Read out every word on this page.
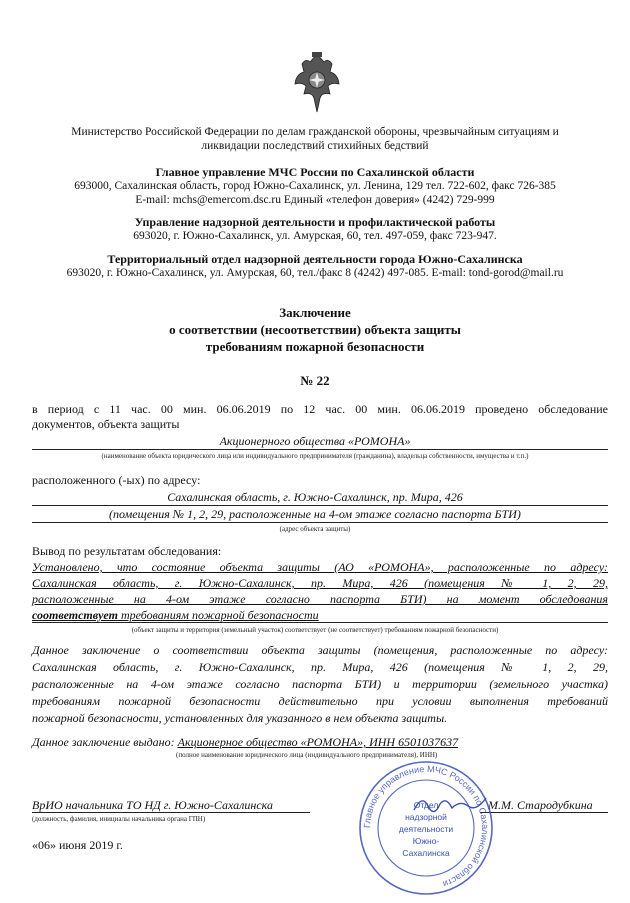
Министерство Российской Федерации по делам гражданской обороны, чрезвычайным ситуациям и
ликвидации последствий стихийных бедствий
Главное управление МЧС России по Сахалинской области
693000, Сахалинская область, город Южно-Сахалинск, ул. Ленина, 129 тел. 722-602, факс 726-385
E-mail: mchs@emercom.dsc.ru Единый «телефон доверия» (4242) 729-999
Управление надзорной деятельности и профилактической работы
693020, г. Южно-Сахалинск, ул. Амурская, 60, тел. 497-059, факс 723-947.
Территориальный отдел надзорной деятельности города Южно-Сахалинска
693020, г. Южно-Сахалинск, ул. Амурская, 60, тел./факс 8 (4242) 497-085. E-mail: tond-gorod@mail.ru
Заключение
о соответствии (несоответствии) объекта защиты
требованиям пожарной безопасности
№ 22
в период с 11 час. 00 мин. 06.06.2019 по 12 час. 00 мин. 06.06.2019 проведено обследование
документов, объекта защиты
Акционерного общества «РОМОНА»
(наименование объекта юридического лица или индивидуального предпринимателя (гражданина), владельца собственности, имущества и т.п.)
расположенного (-ых) по адресу:
Сахалинская область, г. Южно-Сахалинск, пр. Мира, 426
(помещения № 1, 2, 29, расположенные на 4-ом этаже согласно паспорта БТИ)
(адрес объекта защиты)
Вывод по результатам обследования:
Установлено, что состояние объекта защиты (АО «РОМОНА», расположенные по адресу:
Сахалинская область, г. Южно-Сахалинск, пр. Мира, 426 (помещения № 1, 2, 29,
расположенные на 4-ом этаже согласно паспорта БТИ) на момент обследования
соответствует требованиям пожарной безопасности
(объект защиты и территория (земельный участок) соответствует (не соответствует) требованиям пожарной безопасности)
Данное заключение о соответствии объекта защиты (помещения, расположенные по адресу:
Сахалинская область, г. Южно-Сахалинск, пр. Мира, 426 (помещения № 1, 2, 29,
расположенные на 4-ом этаже согласно паспорта БТИ) и территории (земельного участка)
требованиям пожарной безопасности действительно при условии выполнения требований
пожарной безопасности, установленных для указанного в нем объекта защиты.
Данное заключение выдано: Акционерное общество «РОМОНА», ИНН 6501037637
(полное наименование юридического лица (индивидуального предпринимателя), ИНН)
ВрИО начальника ТО НД г. Южно-Сахалинска
(должность, фамилия, инициалы начальника органа ГПН)
М.М. Стародубкина
«06» июня 2019 г.
Главное управление МЧС России по Сахалинской области
Отдел
надзорной
деятельности
Южно-
Сахалинска
